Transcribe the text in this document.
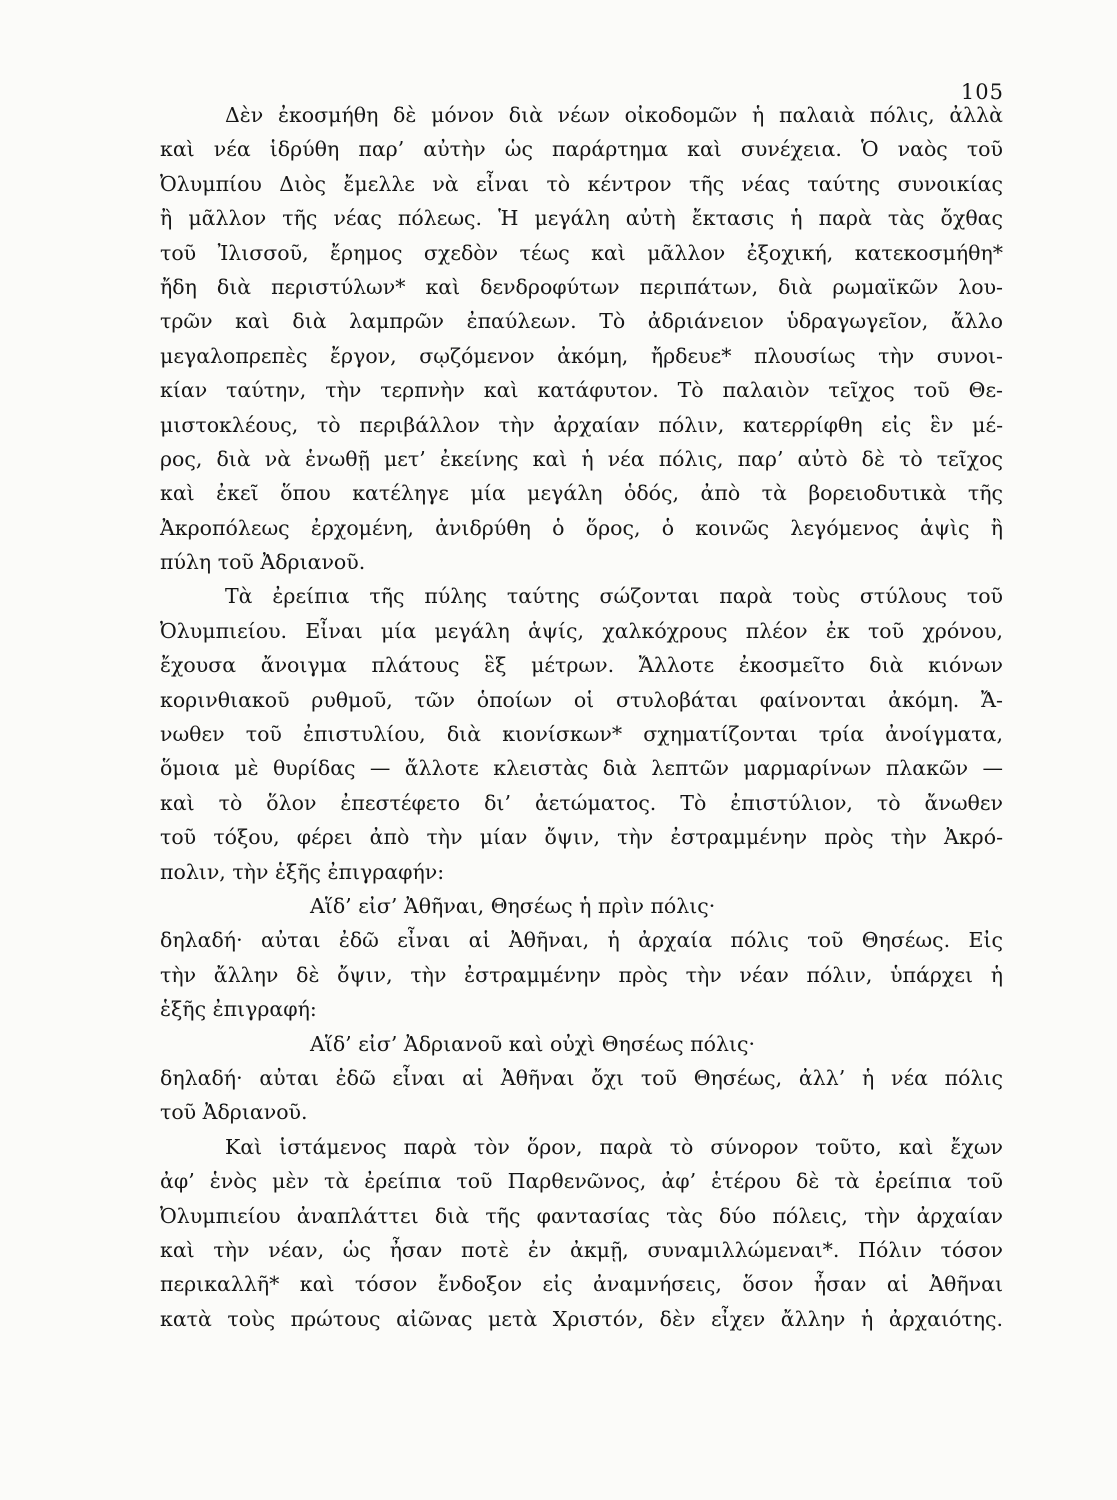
105
Δὲν ἐκοσμήθη δὲ μόνον διὰ νέων οἰκοδομῶν ἡ παλαιὰ πόλις, ἀλλὰ
καὶ νέα ἱδρύθη παρ’ αὐτὴν ὡς παράρτημα καὶ συνέχεια. Ὁ ναὸς τοῦ
Ὀλυμπίου Διὸς ἔμελλε νὰ εἶναι τὸ κέντρον τῆς νέας ταύτης συνοικίας
ἢ μᾶλλον τῆς νέας πόλεως. Ἡ μεγάλη αὐτὴ ἔκτασις ἡ παρὰ τὰς ὄχθας
τοῦ Ἰλισσοῦ, ἔρημος σχεδὸν τέως καὶ μᾶλλον ἐξοχική, κατεκοσμήθη*
ἤδη διὰ περιστύλων* καὶ δενδροφύτων περιπάτων, διὰ ρωμαϊκῶν λου-
τρῶν καὶ διὰ λαμπρῶν ἐπαύλεων. Τὸ ἀδριάνειον ὑδραγωγεῖον, ἄλλο
μεγαλοπρεπὲς ἔργον, σῳζόμενον ἀκόμη, ἤρδευε* πλουσίως τὴν συνοι-
κίαν ταύτην, τὴν τερπνὴν καὶ κατάφυτον. Τὸ παλαιὸν τεῖχος τοῦ Θε-
μιστοκλέους, τὸ περιβάλλον τὴν ἀρχαίαν πόλιν, κατερρίφθη εἰς ἓν μέ-
ρος, διὰ νὰ ἑνωθῇ μετ’ ἐκείνης καὶ ἡ νέα πόλις, παρ’ αὐτὸ δὲ τὸ τεῖχος
καὶ ἐκεῖ ὅπου κατέληγε μία μεγάλη ὁδός, ἀπὸ τὰ βορειοδυτικὰ τῆς
Ἀκροπόλεως ἐρχομένη, ἀνιδρύθη ὁ ὅρος, ὁ κοινῶς λεγόμενος ἁψὶς ἢ
πύλη τοῦ Ἀδριανοῦ.
Τὰ ἐρείπια τῆς πύλης ταύτης σώζονται παρὰ τοὺς στύλους τοῦ
Ὀλυμπιείου. Εἶναι μία μεγάλη ἁψίς, χαλκόχρους πλέον ἐκ τοῦ χρόνου,
ἔχουσα ἄνοιγμα πλάτους ἓξ μέτρων. Ἄλλοτε ἐκοσμεῖτο διὰ κιόνων
κορινθιακοῦ ρυθμοῦ, τῶν ὁποίων οἱ στυλοβάται φαίνονται ἀκόμη. Ἄ-
νωθεν τοῦ ἐπιστυλίου, διὰ κιονίσκων* σχηματίζονται τρία ἀνοίγματα,
ὅμοια μὲ θυρίδας — ἄλλοτε κλειστὰς διὰ λεπτῶν μαρμαρίνων πλακῶν —
καὶ τὸ ὅλον ἐπεστέφετο δι’ ἀετώματος. Τὸ ἐπιστύλιον, τὸ ἄνωθεν
τοῦ τόξου, φέρει ἀπὸ τὴν μίαν ὄψιν, τὴν ἐστραμμένην πρὸς τὴν Ἀκρό-
πολιν, τὴν ἑξῆς ἐπιγραφήν:
Αἵδ’ εἰσ’ Ἀθῆναι, Θησέως ἡ πρὶν πόλις·
δηλαδή· αὐται ἐδῶ εἶναι αἱ Ἀθῆναι, ἡ ἀρχαία πόλις τοῦ Θησέως. Εἰς
τὴν ἄλλην δὲ ὄψιν, τὴν ἐστραμμένην πρὸς τὴν νέαν πόλιν, ὑπάρχει ἡ
ἑξῆς ἐπιγραφή:
Αἵδ’ εἰσ’ Ἀδριανοῦ καὶ οὐχὶ Θησέως πόλις·
δηλαδή· αὐται ἐδῶ εἶναι αἱ Ἀθῆναι ὄχι τοῦ Θησέως, ἀλλ’ ἡ νέα πόλις
τοῦ Ἀδριανοῦ.
Καὶ ἱστάμενος παρὰ τὸν ὅρον, παρὰ τὸ σύνορον τοῦτο, καὶ ἔχων
ἀφ’ ἑνὸς μὲν τὰ ἐρείπια τοῦ Παρθενῶνος, ἀφ’ ἑτέρου δὲ τὰ ἐρείπια τοῦ
Ὀλυμπιείου ἀναπλάττει διὰ τῆς φαντασίας τὰς δύο πόλεις, τὴν ἀρχαίαν
καὶ τὴν νέαν, ὡς ἦσαν ποτὲ ἐν ἀκμῇ, συναμιλλώμεναι*. Πόλιν τόσον
περικαλλῆ* καὶ τόσον ἔνδοξον εἰς ἀναμνήσεις, ὅσον ἦσαν αἱ Ἀθῆναι
κατὰ τοὺς πρώτους αἰῶνας μετὰ Χριστόν, δὲν εἶχεν ἄλλην ἡ ἀρχαιότης.
